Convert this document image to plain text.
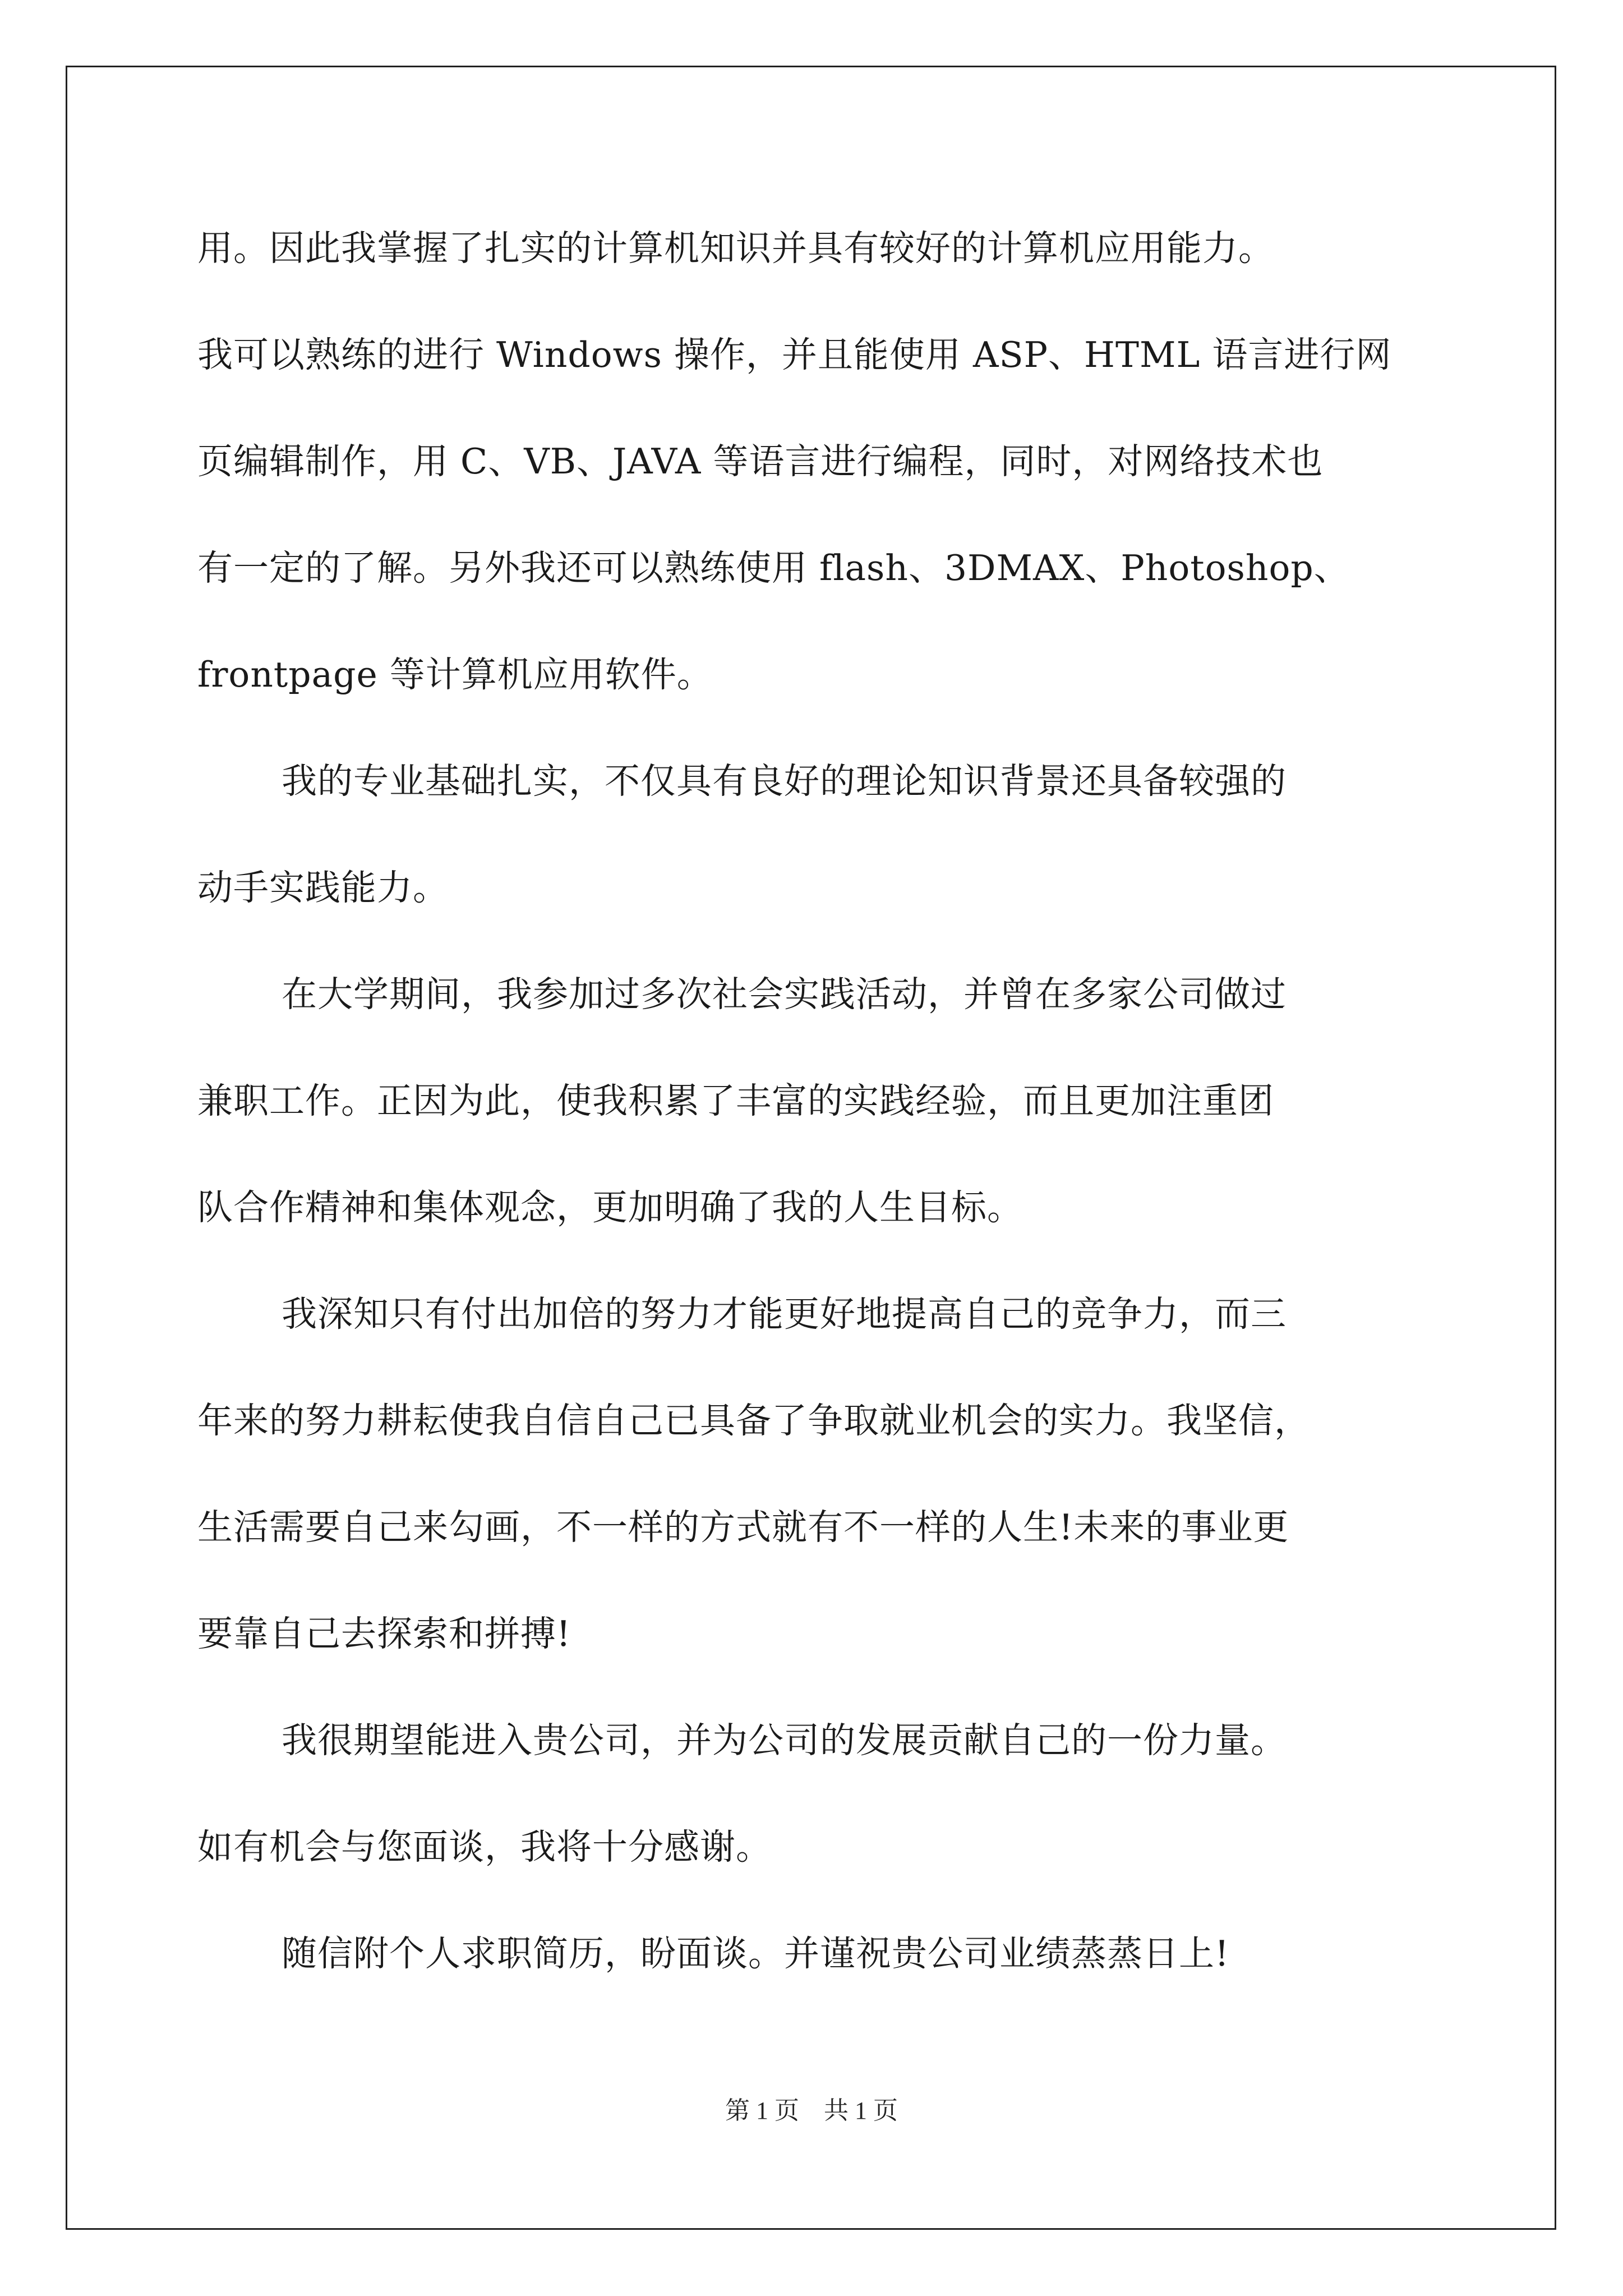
用。因此我掌握了扎实的计算机知识并具有较好的计算机应用能力。
我可以熟练的进行 Windows 操作，并且能使用 ASP、HTML 语言进行网
页编辑制作，用 C、VB、JAVA 等语言进行编程，同时，对网络技术也
有一定的了解。另外我还可以熟练使用 flash、3DMAX、Photoshop、
frontpage 等计算机应用软件。
我的专业基础扎实，不仅具有良好的理论知识背景还具备较强的
动手实践能力。
在大学期间，我参加过多次社会实践活动，并曾在多家公司做过
兼职工作。正因为此，使我积累了丰富的实践经验，而且更加注重团
队合作精神和集体观念，更加明确了我的人生目标。
我深知只有付出加倍的努力才能更好地提高自己的竞争力，而三
年来的努力耕耘使我自信自己已具备了争取就业机会的实力。我坚信，
生活需要自己来勾画，不一样的方式就有不一样的人生!未来的事业更
要靠自己去探索和拼搏!
我很期望能进入贵公司，并为公司的发展贡献自己的一份力量。
如有机会与您面谈，我将十分感谢。
随信附个人求职简历，盼面谈。并谨祝贵公司业绩蒸蒸日上!
第 1 页 共 1 页
